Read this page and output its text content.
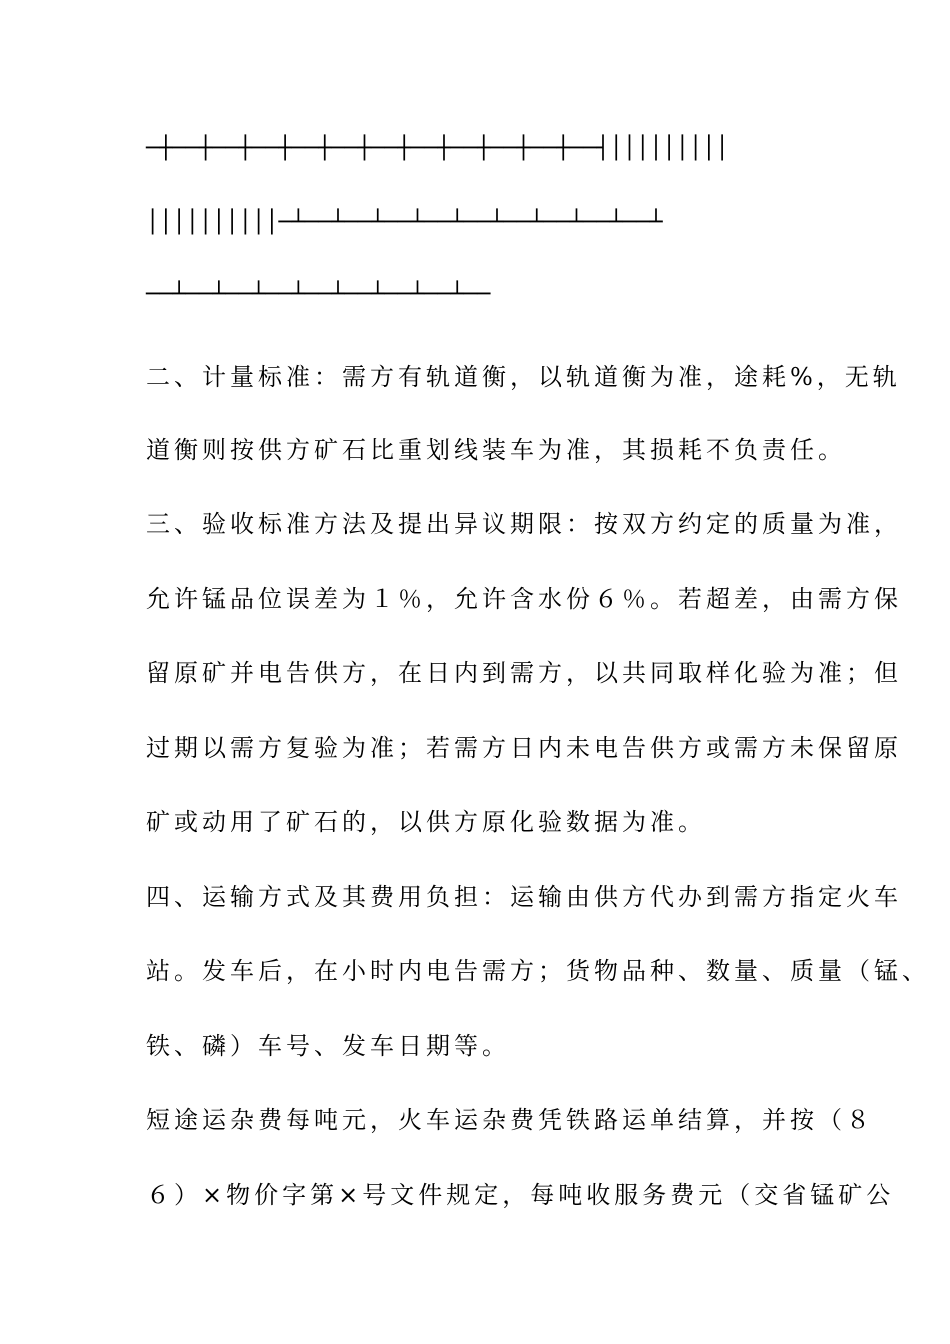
─┼──┼──┼──┼──┼──┼──┼──┼──┼──┼──┼──┤│││││││││
││││││││││─┴──┴──┴──┴──┴──┴──┴──┴──┴──┴
──┴──┴──┴──┴──┴──┴──┴──┴──
二、计量标准：需方有轨道衡，以轨道衡为准，途耗%，无轨
道衡则按供方矿石比重划线装车为准，其损耗不负责任。
三、验收标准方法及提出异议期限：按双方约定的质量为准，
允许锰品位误差为１％，允许含水份６％。若超差，由需方保
留原矿并电告供方，在日内到需方，以共同取样化验为准；但
过期以需方复验为准；若需方日内未电告供方或需方未保留原
矿或动用了矿石的，以供方原化验数据为准。
四、运输方式及其费用负担：运输由供方代办到需方指定火车
站。发车后，在小时内电告需方；货物品种、数量、质量（锰、
铁、磷）车号、发车日期等。
短途运杂费每吨元，火车运杂费凭铁路运单结算，并按（８
６）×物价字第×号文件规定，每吨收服务费元（交省锰矿公
